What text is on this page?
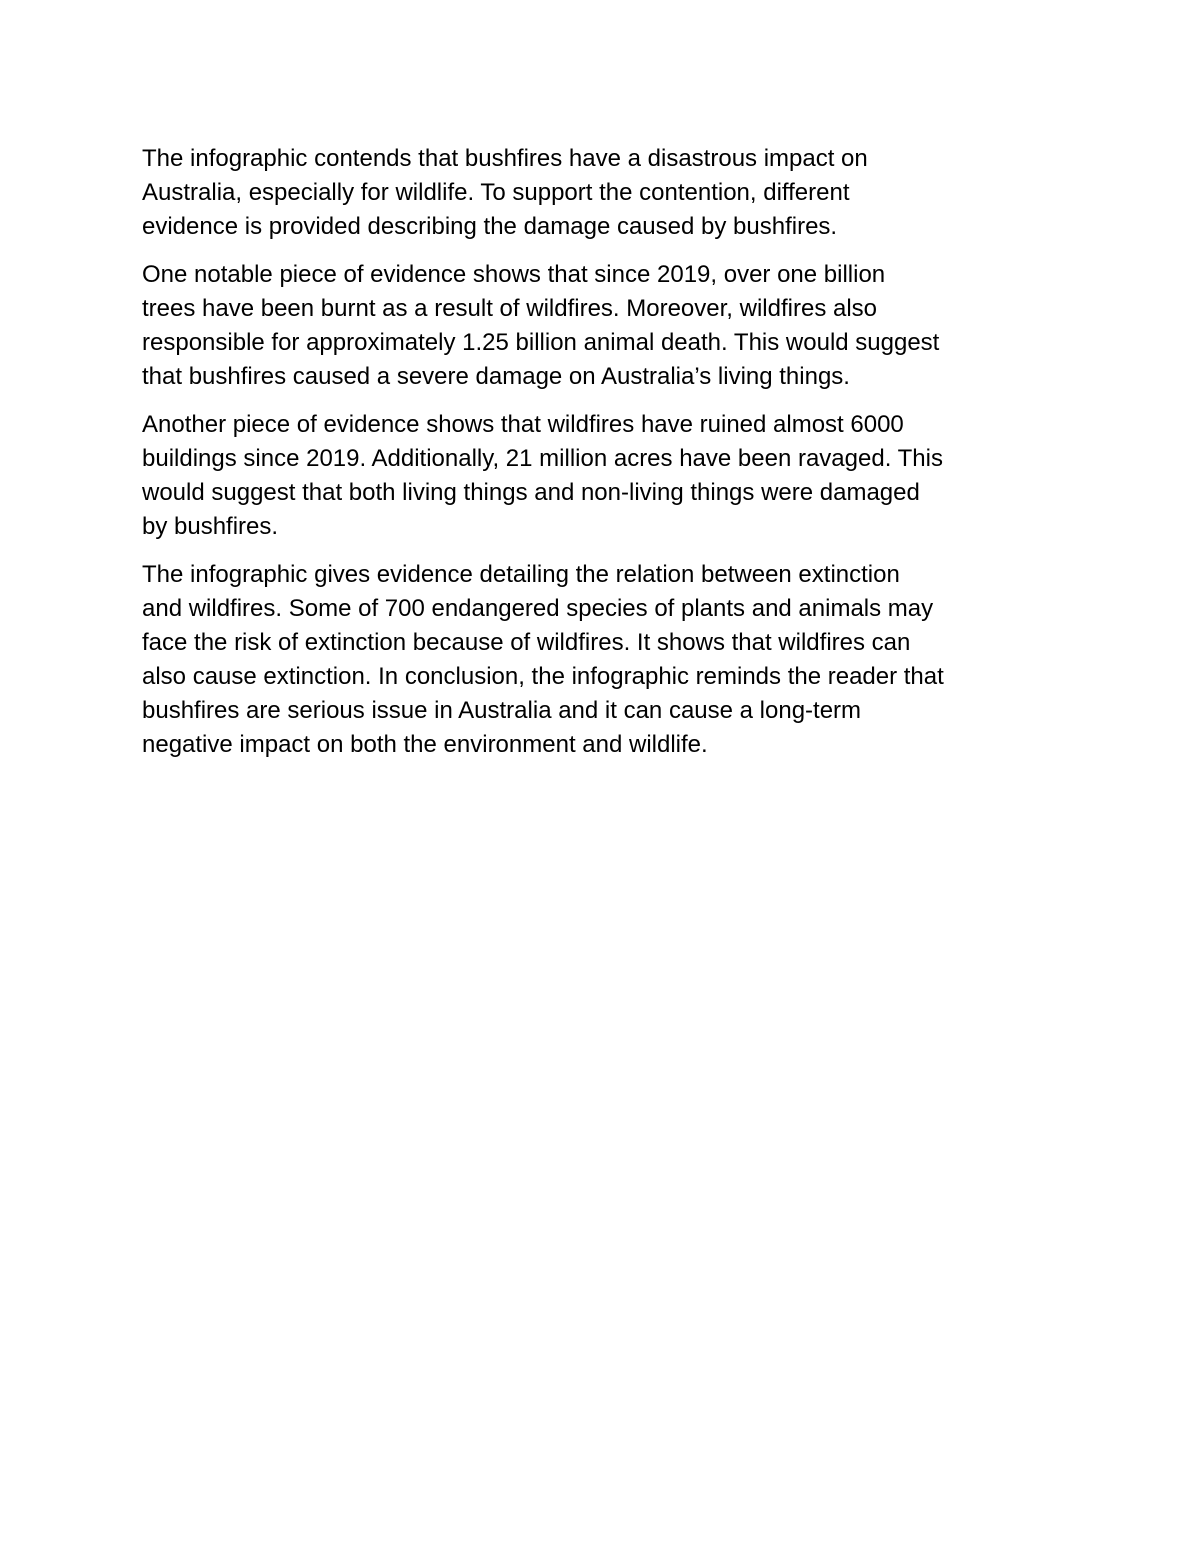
The infographic contends that bushfires have a disastrous impact on
Australia, especially for wildlife. To support the contention, different
evidence is provided describing the damage caused by bushfires.

One notable piece of evidence shows that since 2019, over one billion
trees have been burnt as a result of wildfires. Moreover, wildfires also
responsible for approximately 1.25 billion animal death. This would suggest
that bushfires caused a severe damage on Australia’s living things.

Another piece of evidence shows that wildfires have ruined almost 6000
buildings since 2019. Additionally, 21 million acres have been ravaged. This
would suggest that both living things and non-living things were damaged
by bushfires.

The infographic gives evidence detailing the relation between extinction
and wildfires. Some of 700 endangered species of plants and animals may
face the risk of extinction because of wildfires. It shows that wildfires can
also cause extinction. In conclusion, the infographic reminds the reader that
bushfires are serious issue in Australia and it can cause a long-term
negative impact on both the environment and wildlife.
